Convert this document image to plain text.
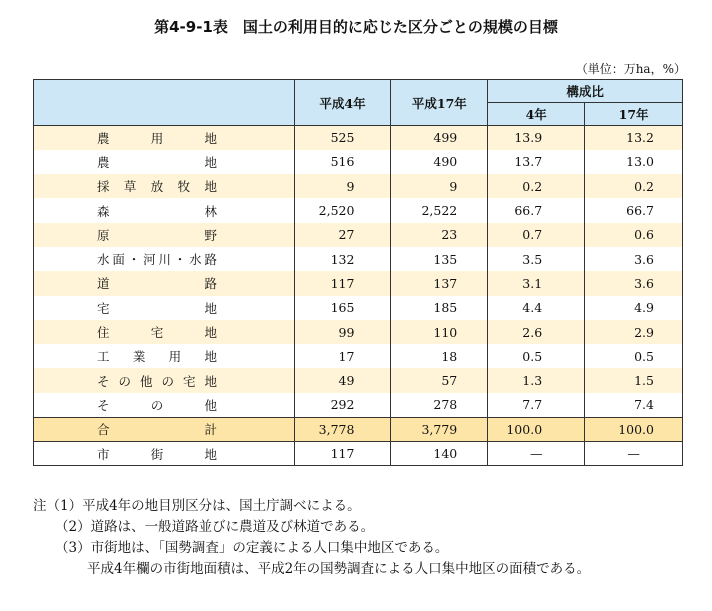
第4-9-1表　国土の利用目的に応じた区分ごとの規模の目標
（単位：万ha，%）
	平成4年	平成17年	構成比	
			4年	17年
農　用　地	525	499	13.9	13.2
農　　　地	516	490	13.7	13.0
採草放牧地	9	9	0.2	0.2
森　　　林	2,520	2,522	66.7	66.7
原　　　野	27	23	0.7	0.6
水面・河川・水路	132	135	3.5	3.6
道　　　路	117	137	3.1	3.6
宅　　　地	165	185	4.4	4.9
住　宅　地	99	110	2.6	2.9
工業用地	17	18	0.5	0.5
その他の宅地	49	57	1.3	1.5
そ　の　他	292	278	7.7	7.4
合　　　計	3,778	3,779	100.0	100.0
市　街　地	117	140	—	—
注（1）平成4年の地目別区分は、国土庁調べによる。
（2）道路は、一般道路並びに農道及び林道である。
（3）市街地は、「国勢調査」の定義による人口集中地区である。
平成4年欄の市街地面積は、平成2年の国勢調査による人口集中地区の面積である。
